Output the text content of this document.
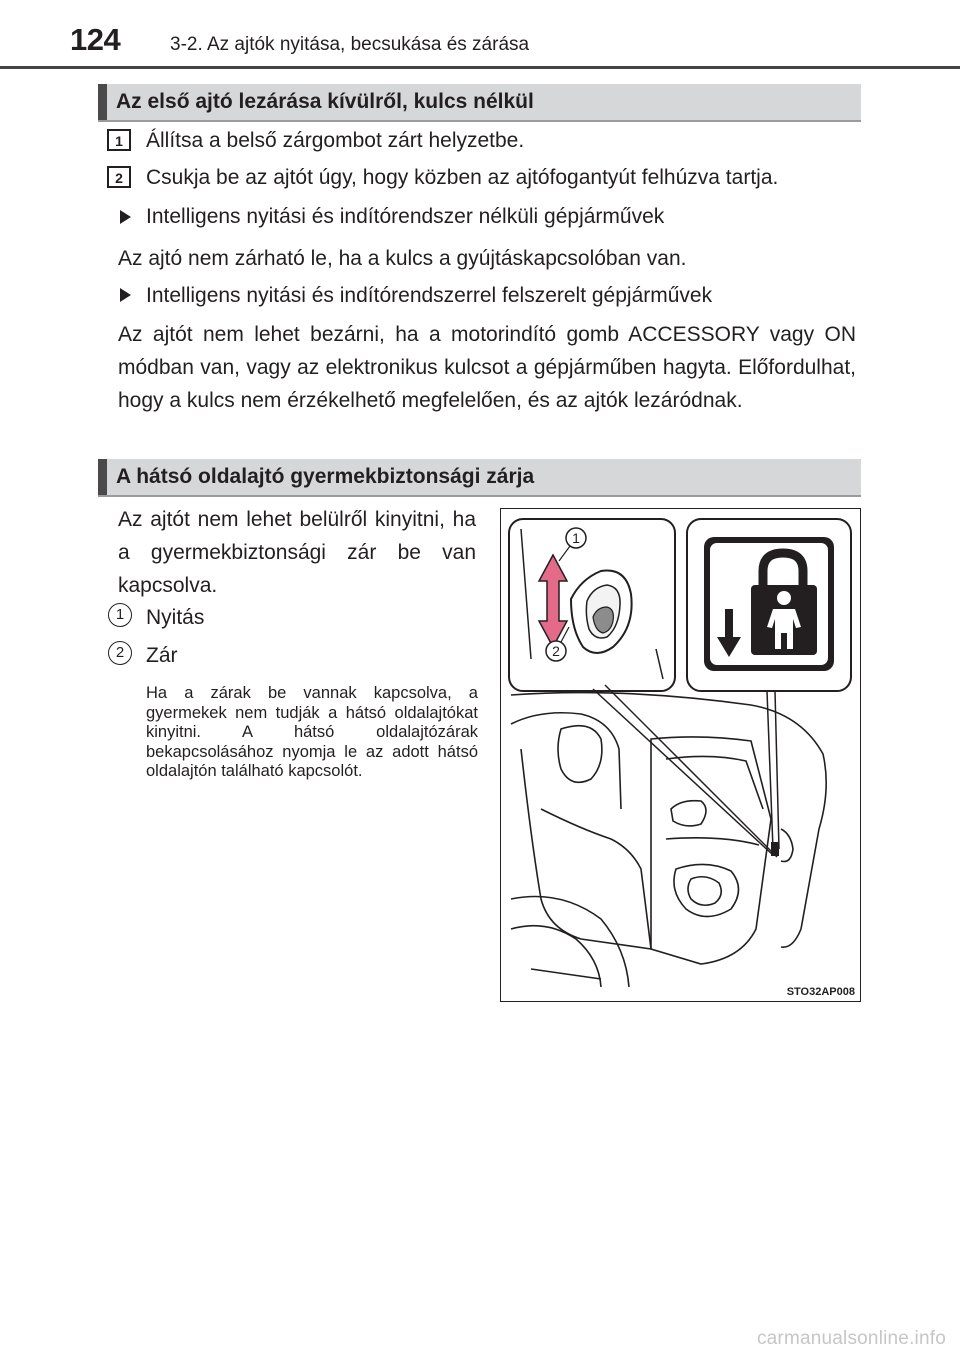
124	3-2. Az ajtók nyitása, becsukása és zárása
Az első ajtó lezárása kívülről, kulcs nélkül
1	Állítsa a belső zárgombot zárt helyzetbe.
2	Csukja be az ajtót úgy, hogy közben az ajtófogantyút felhúzva tartja.
Intelligens nyitási és indítórendszer nélküli gépjárművek
Az ajtó nem zárható le, ha a kulcs a gyújtáskapcsolóban van.
Intelligens nyitási és indítórendszerrel felszerelt gépjárművek
Az ajtót nem lehet bezárni, ha a motorindító gomb ACCESSORY vagy ON módban van, vagy az elektronikus kulcsot a gépjárműben hagyta. Előfordulhat, hogy a kulcs nem érzékelhető megfelelően, és az ajtók lezáródnak.
A hátsó oldalajtó gyermekbiztonsági zárja
Az ajtót nem lehet belülről kinyitni, ha a gyermekbiztonsági zár be van kapcsolva.
1	Nyitás
2	Zár
Ha a zárak be vannak kapcsolva, a gyermekek nem tudják a hátsó oldalajtókat kinyitni. A hátsó oldalajtózárak bekapcsolásához nyomja le az adott hátsó oldalajtón található kapcsolót.
1
2
STO32AP008
carmanualsonline.info
